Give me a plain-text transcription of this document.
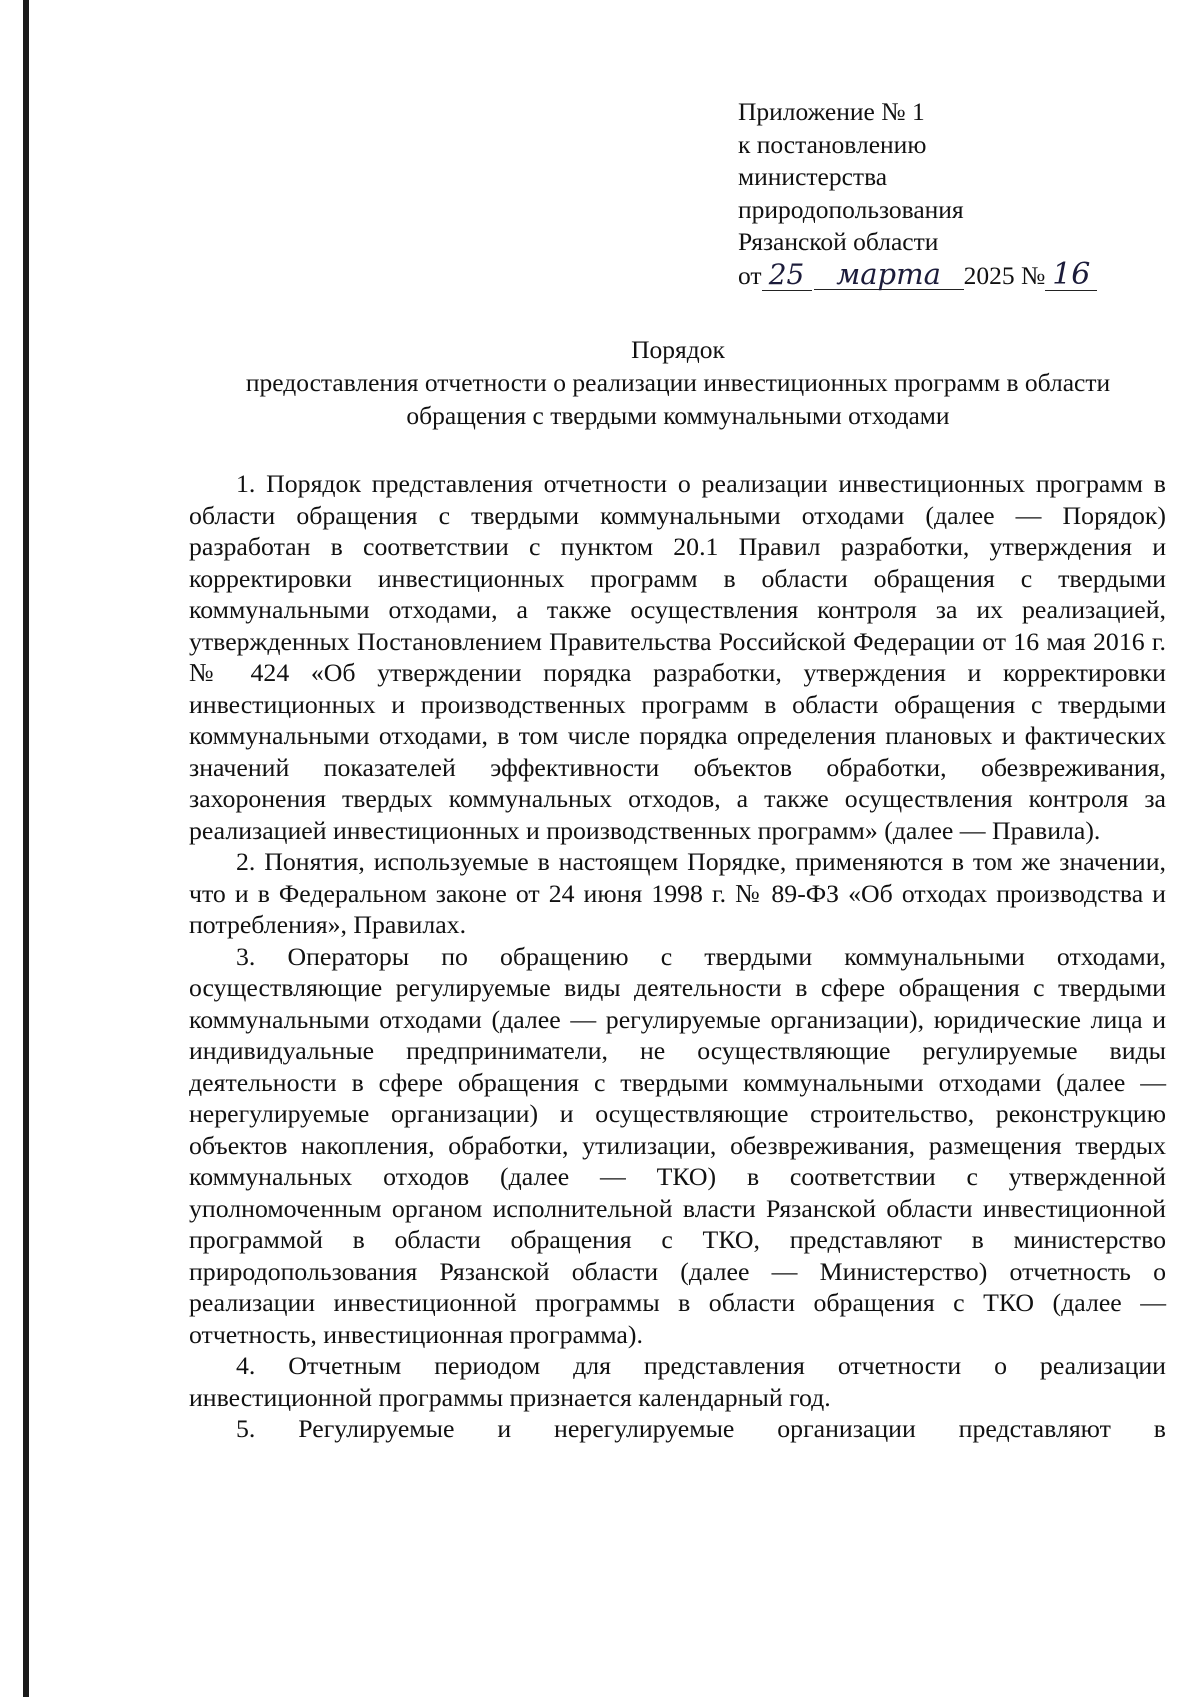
Приложение № 1
к постановлению
министерства
природопользования
Рязанской области
от 25 марта 2025 № 16
Порядок
предоставления отчетности о реализации инвестиционных программ в области обращения с твердыми коммунальными отходами

1. Порядок представления отчетности о реализации инвестиционных программ в области обращения с твердыми коммунальными отходами (далее — Порядок) разработан в соответствии с пунктом 20.1 Правил разработки, утверждения и корректировки инвестиционных программ в области обращения с твердыми коммунальными отходами, а также осуществления контроля за их реализацией, утвержденных Постановлением Правительства Российской Федерации от 16 мая 2016 г. № 424 «Об утверждении порядка разработки, утверждения и корректировки инвестиционных и производственных программ в области обращения с твердыми коммунальными отходами, в том числе порядка определения плановых и фактических значений показателей эффективности объектов обработки, обезвреживания, захоронения твердых коммунальных отходов, а также осуществления контроля за реализацией инвестиционных и производственных программ» (далее — Правила).

2. Понятия, используемые в настоящем Порядке, применяются в том же значении, что и в Федеральном законе от 24 июня 1998 г. № 89-ФЗ «Об отходах производства и потребления», Правилах.

3. Операторы по обращению с твердыми коммунальными отходами, осуществляющие регулируемые виды деятельности в сфере обращения с твердыми коммунальными отходами (далее — регулируемые организации), юридические лица и индивидуальные предприниматели, не осуществляющие регулируемые виды деятельности в сфере обращения с твердыми коммунальными отходами (далее — нерегулируемые организации) и осуществляющие строительство, реконструкцию объектов накопления, обработки, утилизации, обезвреживания, размещения твердых коммунальных отходов (далее — ТКО) в соответствии с утвержденной уполномоченным органом исполнительной власти Рязанской области инвестиционной программой в области обращения с ТКО, представляют в министерство природопользования Рязанской области (далее — Министерство) отчетность о реализации инвестиционной программы в области обращения с ТКО (далее — отчетность, инвестиционная программа).

4. Отчетным периодом для представления отчетности о реализации инвестиционной программы признается календарный год.

5. Регулируемые и нерегулируемые организации представляют в
